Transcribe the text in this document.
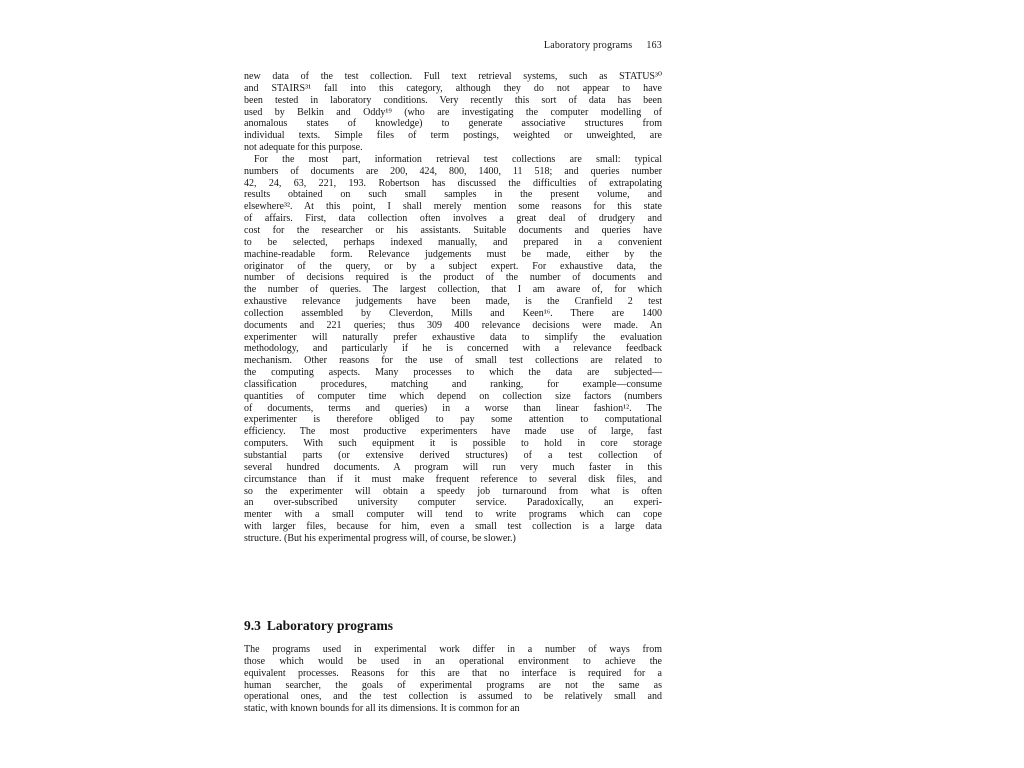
Laboratory programs 163
new data of the test collection. Full text retrieval systems, such as STATUS³⁰
and STAIRS³¹ fall into this category, although they do not appear to have
been tested in laboratory conditions. Very recently this sort of data has been
used by Belkin and Oddy¹⁹ (who are investigating the computer modelling of
anomalous states of knowledge) to generate associative structures from
individual texts. Simple files of term postings, weighted or unweighted, are
not adequate for this purpose.
For the most part, information retrieval test collections are small: typical
numbers of documents are 200, 424, 800, 1400, 11 518; and queries number
42, 24, 63, 221, 193. Robertson has discussed the difficulties of extrapolating
results obtained on such small samples in the present volume, and
elsewhere³². At this point, I shall merely mention some reasons for this state
of affairs. First, data collection often involves a great deal of drudgery and
cost for the researcher or his assistants. Suitable documents and queries have
to be selected, perhaps indexed manually, and prepared in a convenient
machine-readable form. Relevance judgements must be made, either by the
originator of the query, or by a subject expert. For exhaustive data, the
number of decisions required is the product of the number of documents and
the number of queries. The largest collection, that I am aware of, for which
exhaustive relevance judgements have been made, is the Cranfield 2 test
collection assembled by Cleverdon, Mills and Keen¹⁶. There are 1400
documents and 221 queries; thus 309 400 relevance decisions were made. An
experimenter will naturally prefer exhaustive data to simplify the evaluation
methodology, and particularly if he is concerned with a relevance feedback
mechanism. Other reasons for the use of small test collections are related to
the computing aspects. Many processes to which the data are subjected—
classification procedures, matching and ranking, for example—consume
quantities of computer time which depend on collection size factors (numbers
of documents, terms and queries) in a worse than linear fashion¹². The
experimenter is therefore obliged to pay some attention to computational
efficiency. The most productive experimenters have made use of large, fast
computers. With such equipment it is possible to hold in core storage
substantial parts (or extensive derived structures) of a test collection of
several hundred documents. A program will run very much faster in this
circumstance than if it must make frequent reference to several disk files, and
so the experimenter will obtain a speedy job turnaround from what is often
an over-subscribed university computer service. Paradoxically, an experi-
menter with a small computer will tend to write programs which can cope
with larger files, because for him, even a small test collection is a large data
structure. (But his experimental progress will, of course, be slower.)
9.3 Laboratory programs
The programs used in experimental work differ in a number of ways from
those which would be used in an operational environment to achieve the
equivalent processes. Reasons for this are that no interface is required for a
human searcher, the goals of experimental programs are not the same as
operational ones, and the test collection is assumed to be relatively small and
static, with known bounds for all its dimensions. It is common for an
